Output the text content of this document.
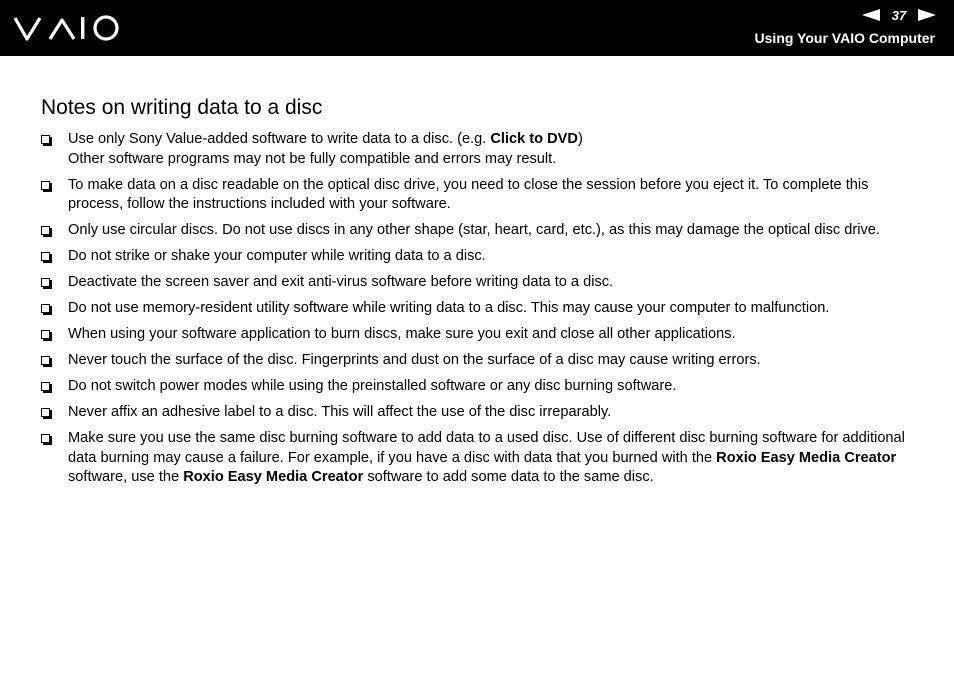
37
Using Your VAIO Computer
Notes on writing data to a disc
Use only Sony Value-added software to write data to a disc. (e.g. Click to DVD)
Other software programs may not be fully compatible and errors may result.
To make data on a disc readable on the optical disc drive, you need to close the session before you eject it. To complete this process, follow the instructions included with your software.
Only use circular discs. Do not use discs in any other shape (star, heart, card, etc.), as this may damage the optical disc drive.
Do not strike or shake your computer while writing data to a disc.
Deactivate the screen saver and exit anti-virus software before writing data to a disc.
Do not use memory-resident utility software while writing data to a disc. This may cause your computer to malfunction.
When using your software application to burn discs, make sure you exit and close all other applications.
Never touch the surface of the disc. Fingerprints and dust on the surface of a disc may cause writing errors.
Do not switch power modes while using the preinstalled software or any disc burning software.
Never affix an adhesive label to a disc. This will affect the use of the disc irreparably.
Make sure you use the same disc burning software to add data to a used disc. Use of different disc burning software for additional data burning may cause a failure. For example, if you have a disc with data that you burned with the Roxio Easy Media Creator software, use the Roxio Easy Media Creator software to add some data to the same disc.
